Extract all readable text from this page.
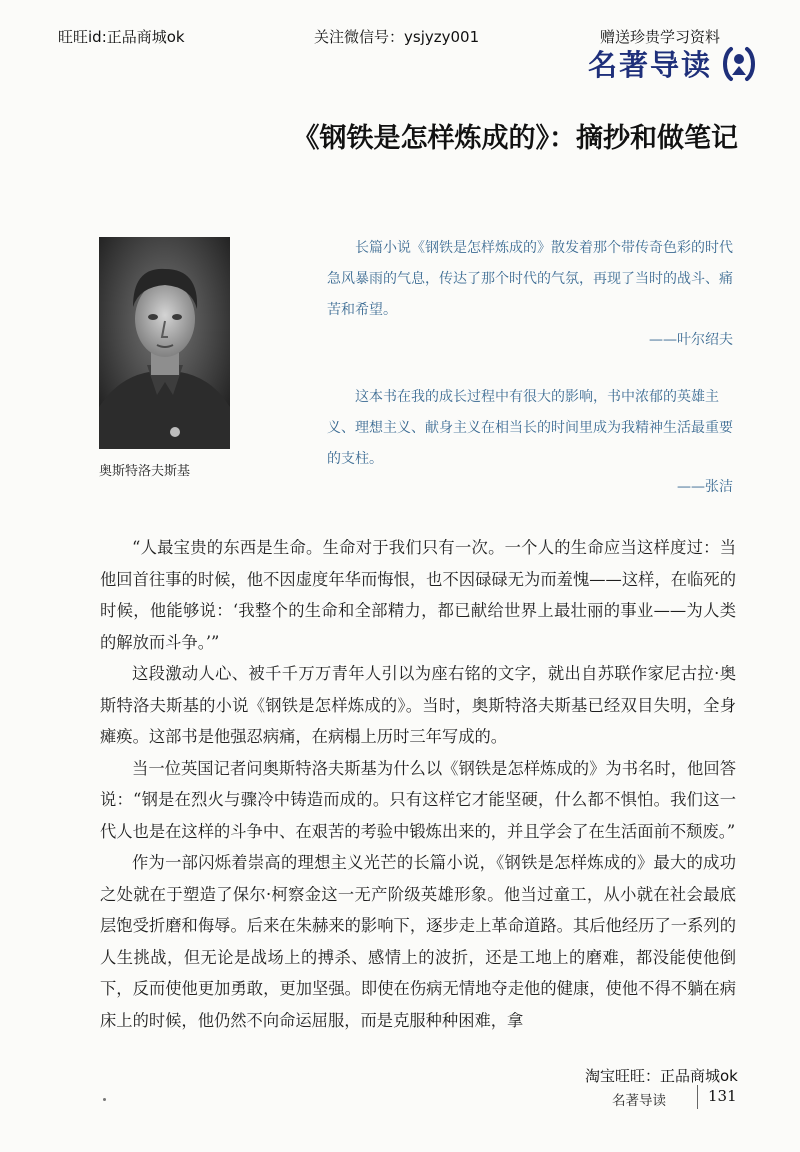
旺旺id:正品商城ok	关注微信号：ysjyzy001	赠送珍贵学习资料
名著导读
《钢铁是怎样炼成的》：摘抄和做笔记
奥斯特洛夫斯基

长篇小说《钢铁是怎样炼成的》散发着那个带传奇色彩的时代急风暴雨的气息，传达了那个时代的气氛，再现了当时的战斗、痛苦和希望。

——叶尔绍夫

这本书在我的成长过程中有很大的影响，书中浓郁的英雄主义、理想主义、献身主义在相当长的时间里成为我精神生活最重要的支柱。

——张洁

“人最宝贵的东西是生命。生命对于我们只有一次。一个人的生命应当这样度过：当他回首往事的时候，他不因虚度年华而悔恨，也不因碌碌无为而羞愧——这样，在临死的时候，他能够说：‘我整个的生命和全部精力，都已献给世界上最壮丽的事业——为人类的解放而斗争。’”

这段激动人心、被千千万万青年人引以为座右铭的文字，就出自苏联作家尼古拉·奥斯特洛夫斯基的小说《钢铁是怎样炼成的》。当时，奥斯特洛夫斯基已经双目失明，全身瘫痪。这部书是他强忍病痛，在病榻上历时三年写成的。

当一位英国记者问奥斯特洛夫斯基为什么以《钢铁是怎样炼成的》为书名时，他回答说：“钢是在烈火与骤冷中铸造而成的。只有这样它才能坚硬，什么都不惧怕。我们这一代人也是在这样的斗争中、在艰苦的考验中锻炼出来的，并且学会了在生活面前不颓废。”

作为一部闪烁着崇高的理想主义光芒的长篇小说，《钢铁是怎样炼成的》最大的成功之处就在于塑造了保尔·柯察金这一无产阶级英雄形象。他当过童工，从小就在社会最底层饱受折磨和侮辱。后来在朱赫来的影响下，逐步走上革命道路。其后他经历了一系列的人生挑战，但无论是战场上的搏杀、感情上的波折，还是工地上的磨难，都没能使他倒下，反而使他更加勇敢，更加坚强。即使在伤病无情地夺走他的健康，使他不得不躺在病床上的时候，他仍然不向命运屈服，而是克服种种困难，拿

淘宝旺旺：正品商城ok
名著导读	131
